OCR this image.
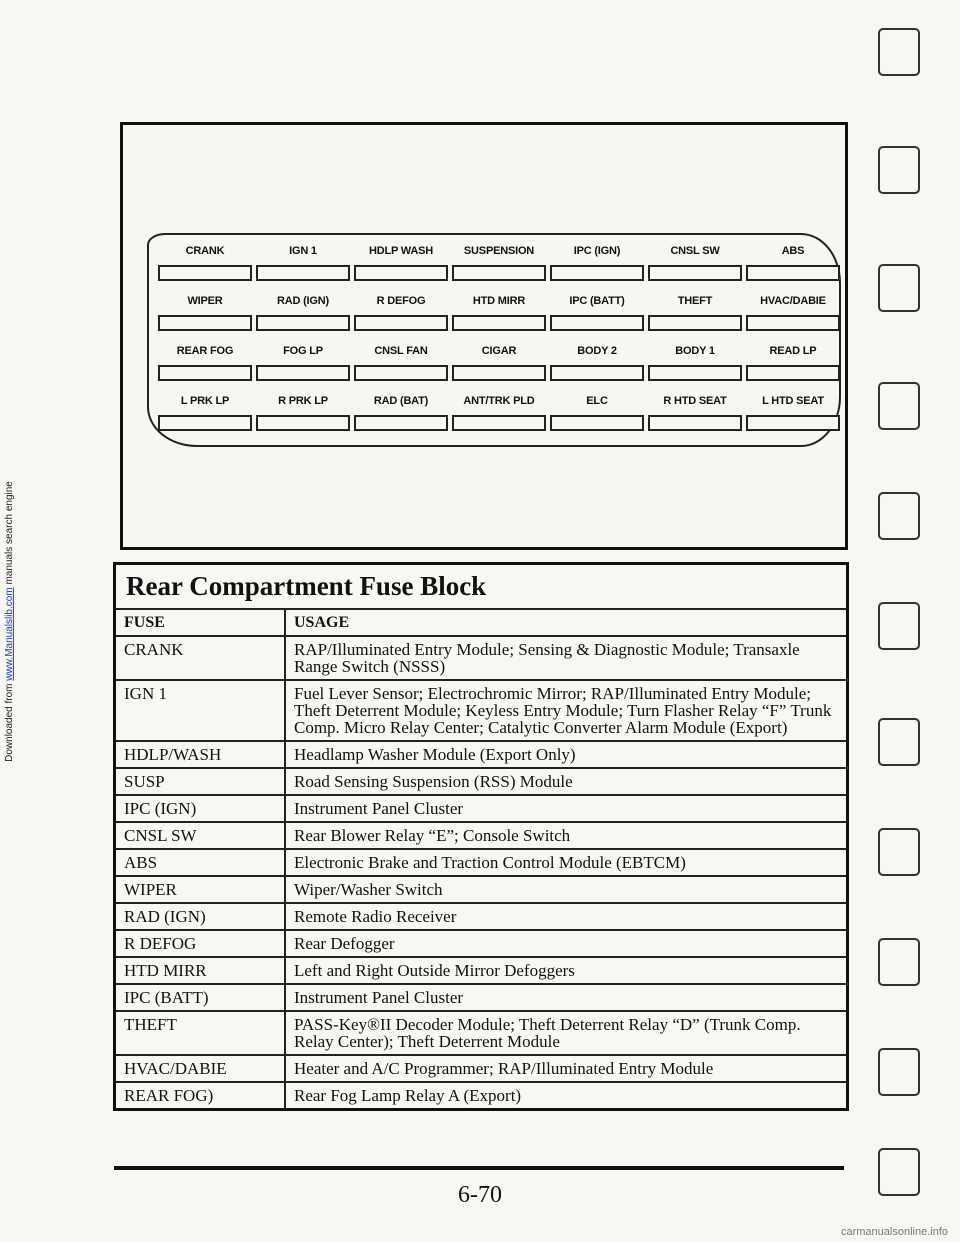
Downloaded from www.Manualslib.com manuals search engine
CRANK	IGN 1	HDLP WASH	SUSPENSION	IPC (IGN)	CNSL SW	ABS
WIPER	RAD (IGN)	R DEFOG	HTD MIRR	IPC (BATT)	THEFT	HVAC/DABIE
REAR FOG	FOG LP	CNSL FAN	CIGAR	BODY 2	BODY 1	READ LP
L PRK LP	R PRK LP	RAD (BAT)	ANT/TRK PLD	ELC	R HTD SEAT	L HTD SEAT
Rear Compartment Fuse Block	
FUSE	USAGE
CRANK	RAP/Illuminated Entry Module; Sensing & Diagnostic Module; Transaxle Range Switch (NSSS)
IGN 1	Fuel Lever Sensor; Electrochromic Mirror; RAP/Illuminated Entry Module; Theft Deterrent Module; Keyless Entry Module; Turn Flasher Relay “F” Trunk Comp. Micro Relay Center; Catalytic Converter Alarm Module (Export)
HDLP/WASH	Headlamp Washer Module (Export Only)
SUSP	Road Sensing Suspension (RSS) Module
IPC (IGN)	Instrument Panel Cluster
CNSL SW	Rear Blower Relay “E”; Console Switch
ABS	Electronic Brake and Traction Control Module (EBTCM)
WIPER	Wiper/Washer Switch
RAD (IGN)	Remote Radio Receiver
R DEFOG	Rear Defogger
HTD MIRR	Left and Right Outside Mirror Defoggers
IPC (BATT)	Instrument Panel Cluster
THEFT	PASS-Key®II Decoder Module; Theft Deterrent Relay “D” (Trunk Comp. Relay Center); Theft Deterrent Module
HVAC/DABIE	Heater and A/C Programmer; RAP/Illuminated Entry Module
REAR FOG)	Rear Fog Lamp Relay A (Export)
6-70
carmanualsonline.info
